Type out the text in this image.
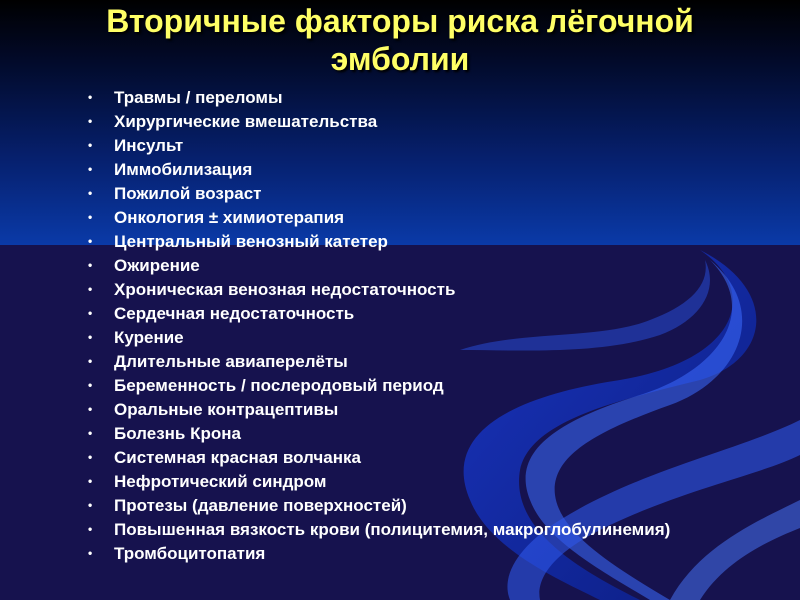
Вторичные факторы риска лёгочной
эмболии
• Травмы / переломы
• Хирургические вмешательства
• Инсульт
• Иммобилизация
• Пожилой возраст
• Онкология ± химиотерапия
• Центральный венозный катетер
• Ожирение
• Хроническая венозная недостаточность
• Сердечная недостаточность
• Курение
• Длительные авиаперелёты
• Беременность / послеродовый период
• Оральные контрацептивы
• Болезнь Крона
• Системная красная волчанка
• Нефротический синдром
• Протезы (давление поверхностей)
• Повышенная вязкость крови (полицитемия, макроглобулинемия)
• Тромбоцитопатия
